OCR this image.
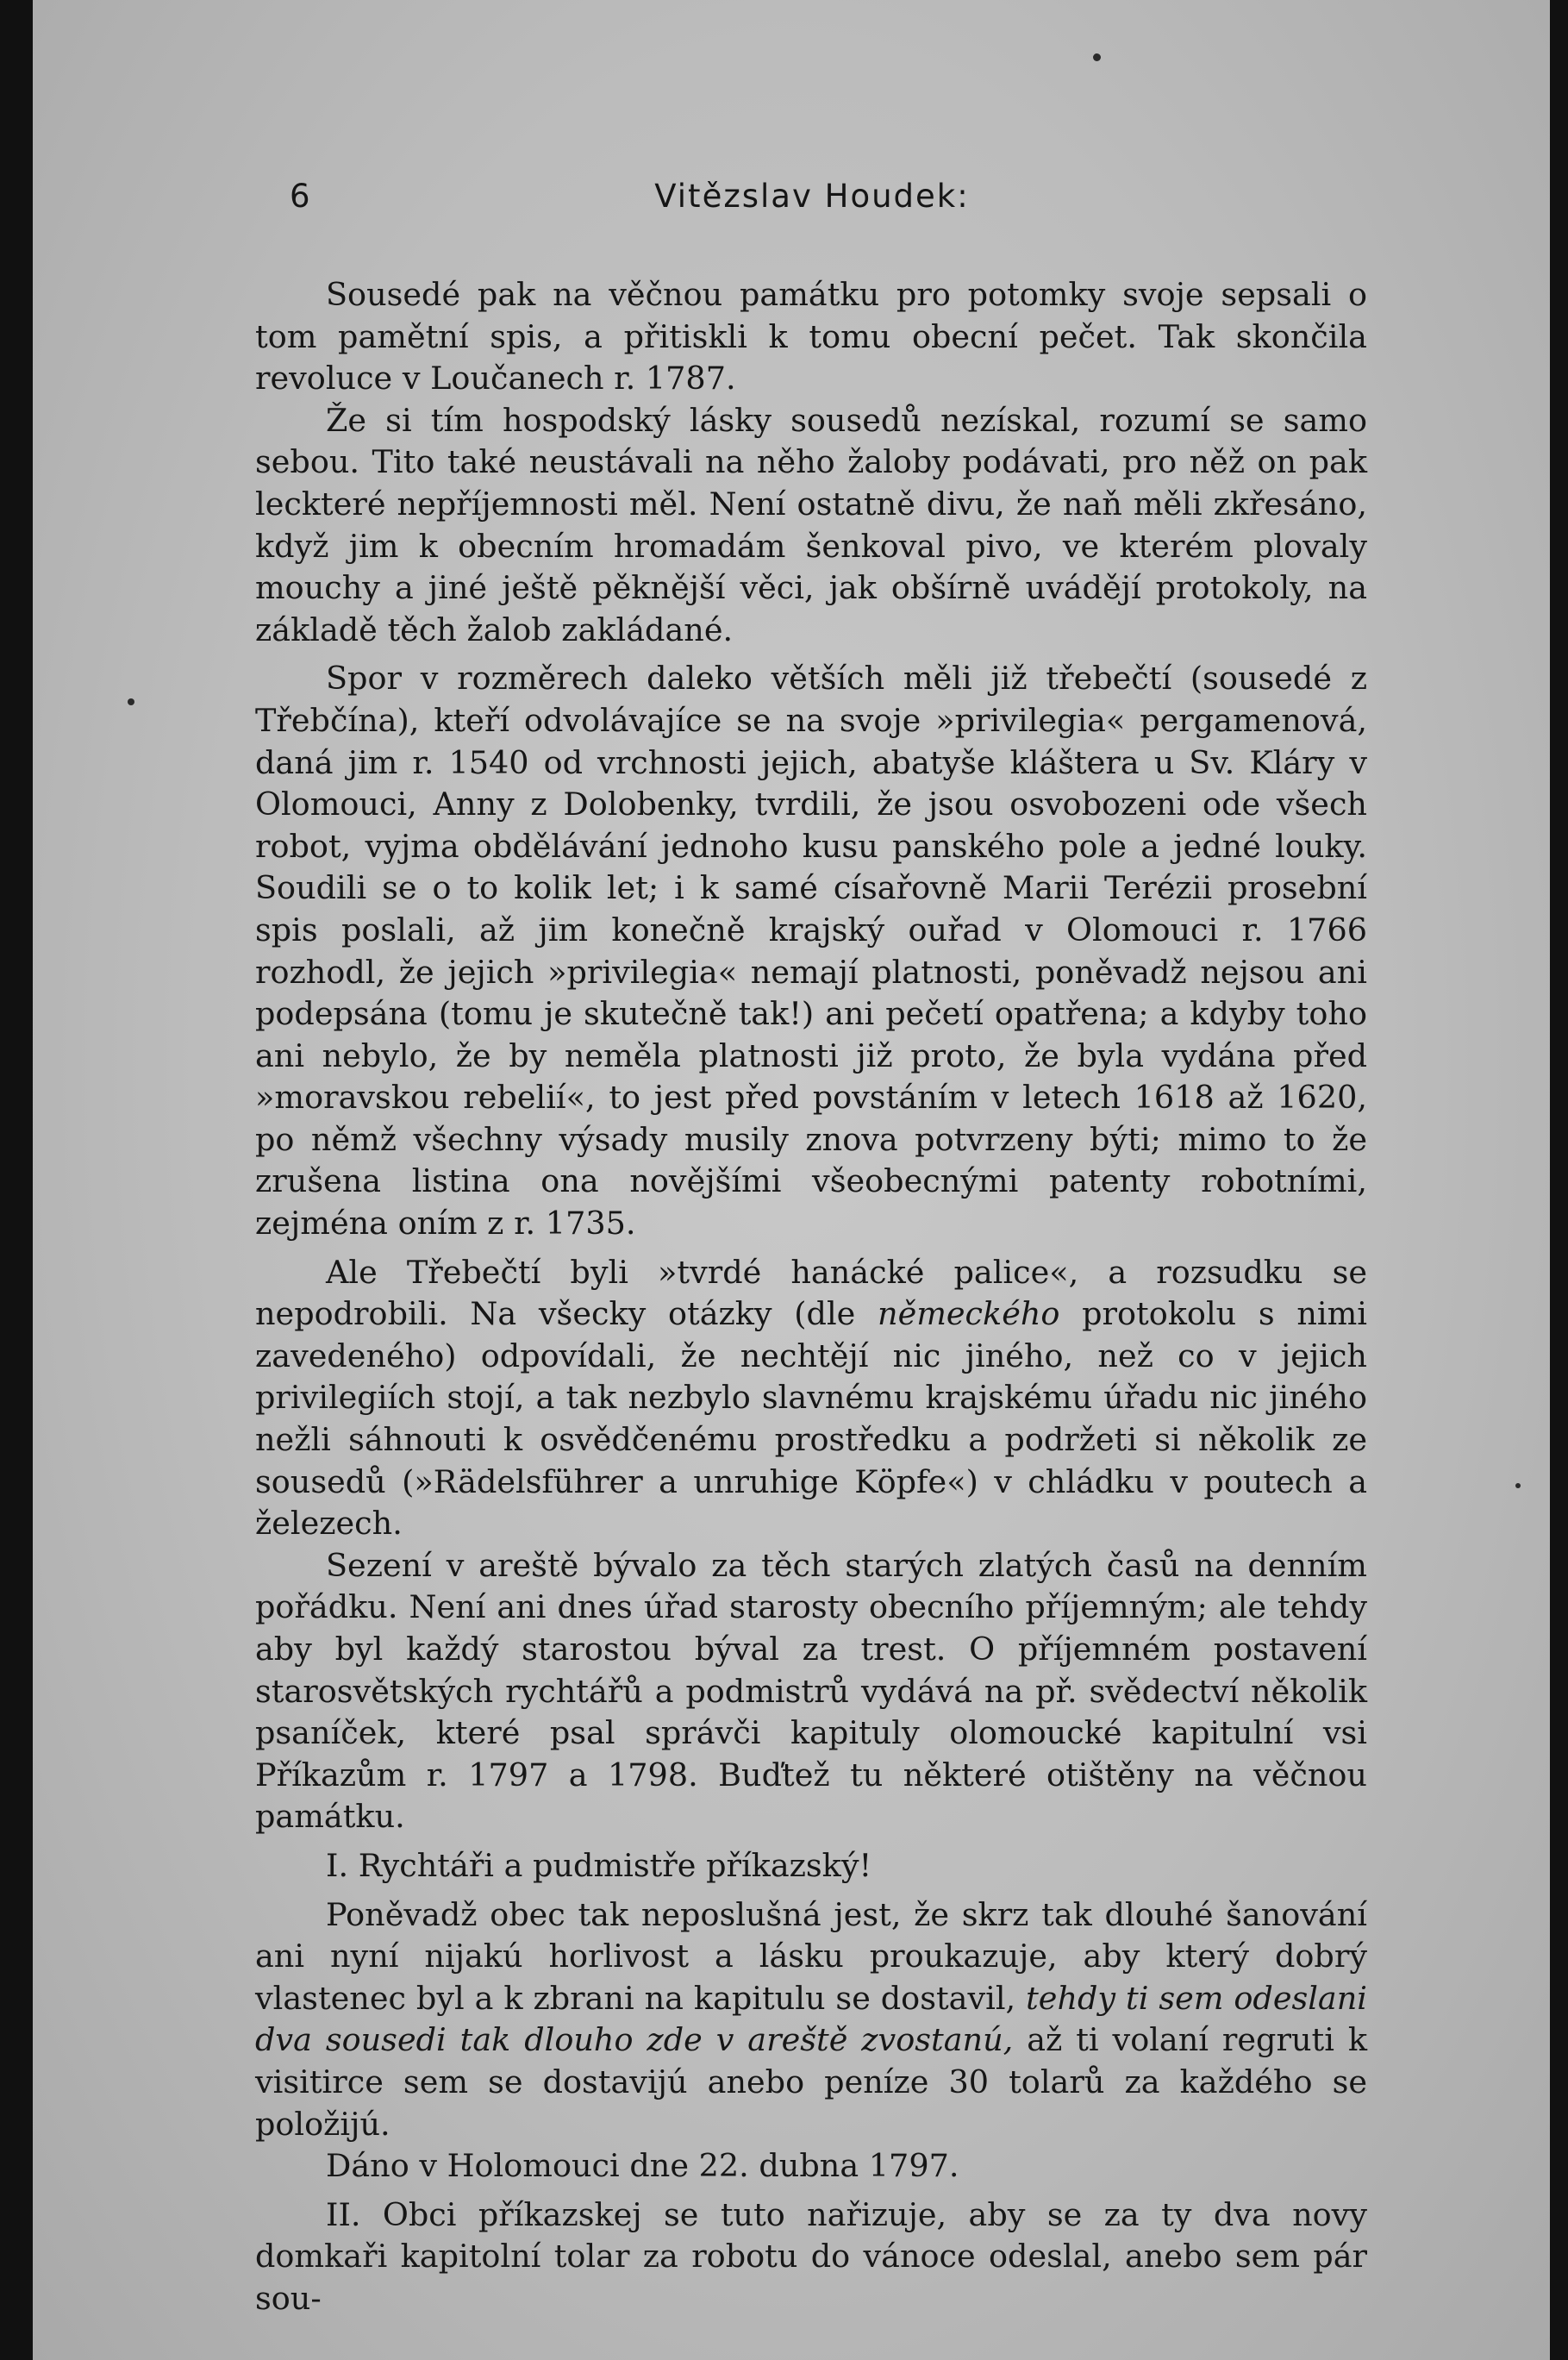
6	Vitězslav Houdek:

Sousedé pak na věčnou památku pro potomky svoje sepsali o tom pamětní spis, a přitiskli k tomu obecní pečet. Tak skončila revoluce v Loučanech r. 1787.

Že si tím hospodský lásky sousedů nezískal, rozumí se samo sebou. Tito také neustávali na něho žaloby podávati, pro něž on pak leckteré nepříjemnosti měl. Není ostatně divu, že naň měli zkřesáno, když jim k obecním hromadám šenkoval pivo, ve kterém plovaly mouchy a jiné ještě pěknější věci, jak obšírně uvádějí protokoly, na základě těch žalob zakládané.

Spor v rozměrech daleko větších měli již třebečtí (sousedé z Třebčína), kteří odvolávajíce se na svoje »privilegia« pergamenová, daná jim r. 1540 od vrchnosti jejich, abatyše kláštera u Sv. Kláry v Olomouci, Anny z Dolobenky, tvrdili, že jsou osvobozeni ode všech robot, vyjma obdělávání jednoho kusu panského pole a jedné louky. Soudili se o to kolik let; i k samé císařovně Marii Terézii prosební spis poslali, až jim konečně krajský ouřad v Olomouci r. 1766 rozhodl, že jejich »privilegia« nemají platnosti, poněvadž nejsou ani podepsána (tomu je skutečně tak!) ani pečetí opatřena; a kdyby toho ani nebylo, že by neměla platnosti již proto, že byla vydána před »moravskou rebelií«, to jest před povstáním v letech 1618 až 1620, po němž všechny výsady musily znova potvrzeny býti; mimo to že zrušena listina ona novějšími všeobecnými patenty robotními, zejména oním z r. 1735.

Ale Třebečtí byli »tvrdé hanácké palice«, a rozsudku se nepodrobili. Na všecky otázky (dle německého protokolu s nimi zavedeného) odpovídali, že nechtějí nic jiného, než co v jejich privilegiích stojí, a tak nezbylo slavnému krajskému úřadu nic jiného nežli sáhnouti k osvědčenému prostředku a podržeti si několik ze sousedů (»Rädelsführer a unruhige Köpfe«) v chládku v poutech a železech.

Sezení v areště bývalo za těch starých zlatých časů na denním pořádku. Není ani dnes úřad starosty obecního příjemným; ale tehdy aby byl každý starostou býval za trest. O příjemném postavení starosvětských rychtářů a podmistrů vydává na př. svědectví několik psaníček, které psal správči kapituly olomoucké kapitulní vsi Příkazům r. 1797 a 1798. Buďtež tu některé otištěny na věčnou památku.

I. Rychtáři a pudmistře příkazský!

Poněvadž obec tak neposlušná jest, že skrz tak dlouhé šanování ani nyní nijakú horlivost a lásku proukazuje, aby který dobrý vlastenec byl a k zbrani na kapitulu se dostavil, tehdy ti sem odeslani dva sousedi tak dlouho zde v areště zvostanú, až ti volaní regruti k visitirce sem se dostavijú anebo peníze 30 tolarů za každého se položijú.

Dáno v Holomouci dne 22. dubna 1797.

II. Obci příkazskej se tuto nařizuje, aby se za ty dva novy domkaři kapitolní tolar za robotu do vánoce odeslal, anebo sem pár sou-
